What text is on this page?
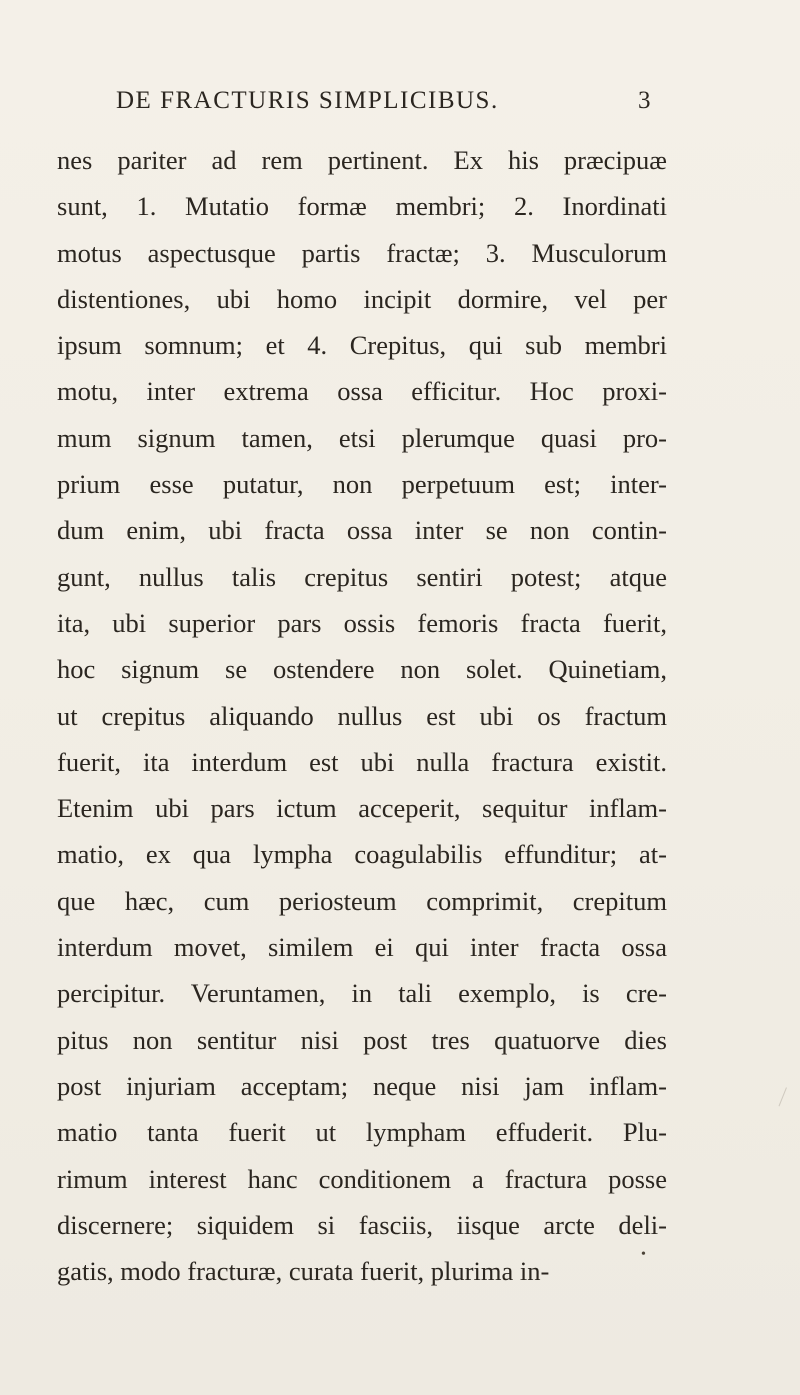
DE FRACTURIS SIMPLICIBUS.	3
nes pariter ad rem pertinent. Ex his præcipuæ
sunt, 1. Mutatio formæ membri; 2. Inordinati
motus aspectusque partis fractæ; 3. Musculorum
distentiones, ubi homo incipit dormire, vel per
ipsum somnum; et 4. Crepitus, qui sub membri
motu, inter extrema ossa efficitur. Hoc proxi-
mum signum tamen, etsi plerumque quasi pro-
prium esse putatur, non perpetuum est; inter-
dum enim, ubi fracta ossa inter se non contin-
gunt, nullus talis crepitus sentiri potest; atque
ita, ubi superior pars ossis femoris fracta fuerit,
hoc signum se ostendere non solet. Quinetiam,
ut crepitus aliquando nullus est ubi os fractum
fuerit, ita interdum est ubi nulla fractura existit.
Etenim ubi pars ictum acceperit, sequitur inflam-
matio, ex qua lympha coagulabilis effunditur; at-
que hæc, cum periosteum comprimit, crepitum
interdum movet, similem ei qui inter fracta ossa
percipitur. Veruntamen, in tali exemplo, is cre-
pitus non sentitur nisi post tres quatuorve dies
post injuriam acceptam; neque nisi jam inflam-
matio tanta fuerit ut lympham effuderit. Plu-
rimum interest hanc conditionem a fractura posse
discernere; siquidem si fasciis, iisque arcte deli-
gatis, modo fracturæ, curata fuerit, plurima in-
•
